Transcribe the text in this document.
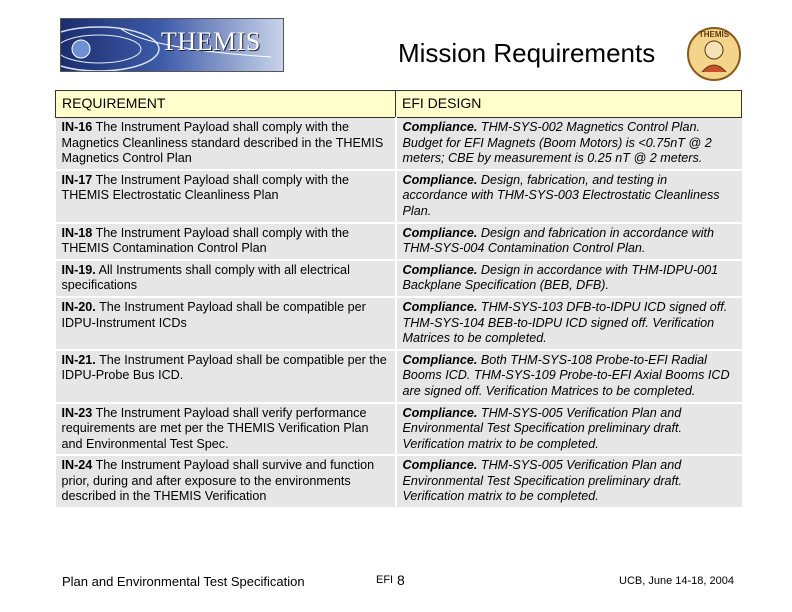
THEMIS	Mission Requirements
THEMIS
REQUIREMENT	EFI DESIGN
IN-16 The Instrument Payload shall comply with the Magnetics Cleanliness standard described in the THEMIS Magnetics Control Plan	Compliance. THM-SYS-002 Magnetics Control Plan. Budget for EFI Magnets (Boom Motors) is <0.75nT @ 2 meters; CBE by measurement is 0.25 nT @ 2 meters.
IN-17 The Instrument Payload shall comply with the THEMIS Electrostatic Cleanliness Plan	Compliance. Design, fabrication, and testing in accordance with THM-SYS-003 Electrostatic Cleanliness Plan.
IN-18 The Instrument Payload shall comply with the THEMIS Contamination Control Plan	Compliance. Design and fabrication in accordance with THM-SYS-004 Contamination Control Plan.
IN-19. All Instruments shall comply with all electrical specifications	Compliance. Design in accordance with THM-IDPU-001 Backplane Specification (BEB, DFB).
IN-20. The Instrument Payload shall be compatible per IDPU-Instrument ICDs	Compliance. THM-SYS-103 DFB-to-IDPU ICD signed off. THM-SYS-104 BEB-to-IDPU ICD signed off. Verification Matrices to be completed.
IN-21. The Instrument Payload shall be compatible per the IDPU-Probe Bus ICD.	Compliance. Both THM-SYS-108 Probe-to-EFI Radial Booms ICD. THM-SYS-109 Probe-to-EFI Axial Booms ICD are signed off. Verification Matrices to be completed.
IN-23 The Instrument Payload shall verify performance requirements are met per the THEMIS Verification Plan and Environmental Test Spec.	Compliance. THM-SYS-005 Verification Plan and Environmental Test Specification preliminary draft. Verification matrix to be completed.
IN-24 The Instrument Payload shall survive and function prior, during and after exposure to the environments described in the THEMIS Verification	Compliance. THM-SYS-005 Verification Plan and Environmental Test Specification preliminary draft. Verification matrix to be completed.
Plan and Environmental Test Specification	EFI 8	UCB, June 14-18, 2004
